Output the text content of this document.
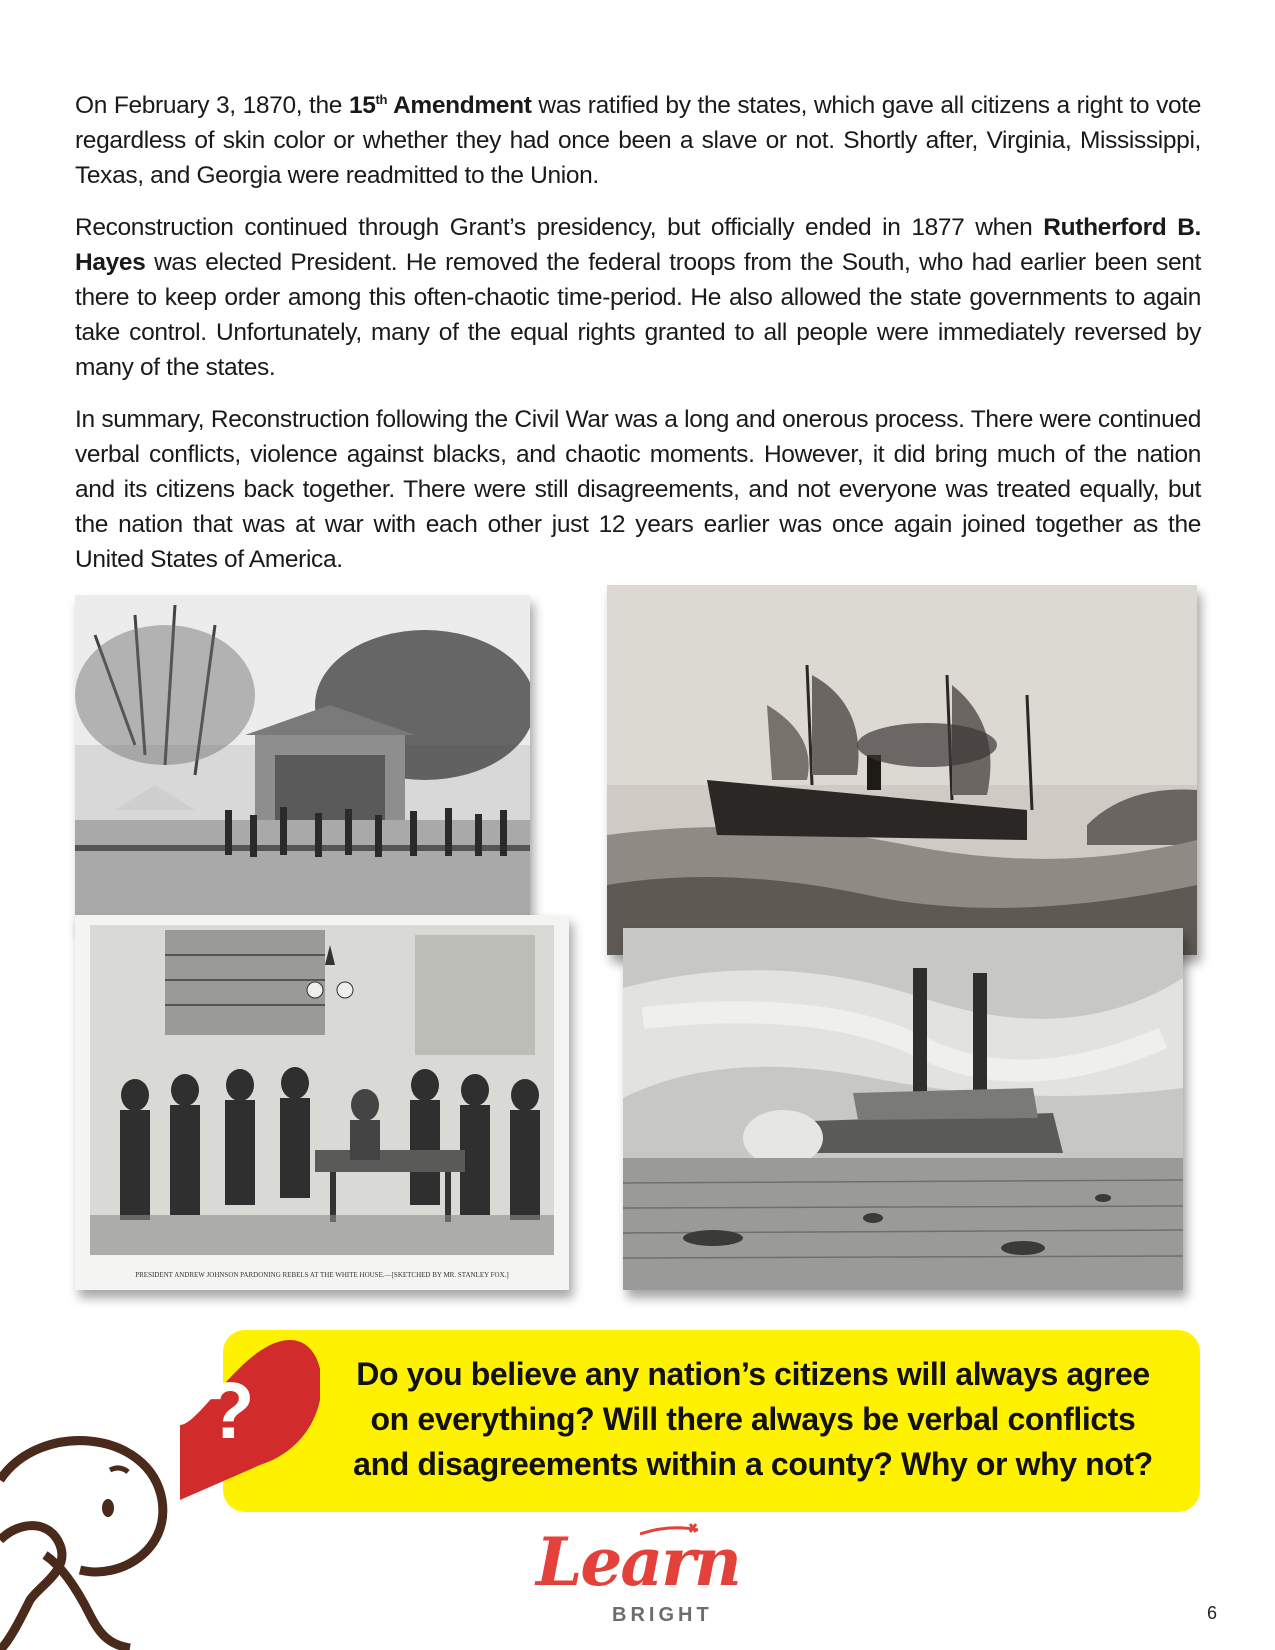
On February 3, 1870, the 15th Amendment was ratified by the states, which gave all citizens a right to vote regardless of skin color or whether they had once been a slave or not. Shortly after, Virginia, Mississippi, Texas, and Georgia were readmitted to the Union.

Reconstruction continued through Grant’s presidency, but officially ended in 1877 when Rutherford B. Hayes was elected President. He removed the federal troops from the South, who had earlier been sent there to keep order among this often-chaotic time-period. He also allowed the state governments to again take control. Unfortunately, many of the equal rights granted to all people were immediately reversed by many of the states.

In summary, Reconstruction following the Civil War was a long and onerous process. There were continued verbal conflicts, violence against blacks, and chaotic moments. However, it did bring much of the nation and its citizens back together. There were still disagreements, and not everyone was treated equally, but the nation that was at war with each other just 12 years earlier was once again joined together as the United States of America.

PRESIDENT ANDREW JOHNSON PARDONING REBELS AT THE WHITE HOUSE.—[SKETCHED BY MR. STANLEY FOX.]
Do you believe any nation’s citizens will always agree on everything? Will there always be verbal conflicts and disagreements within a county? Why or why not?
?
Learn
BRIGHT	6
